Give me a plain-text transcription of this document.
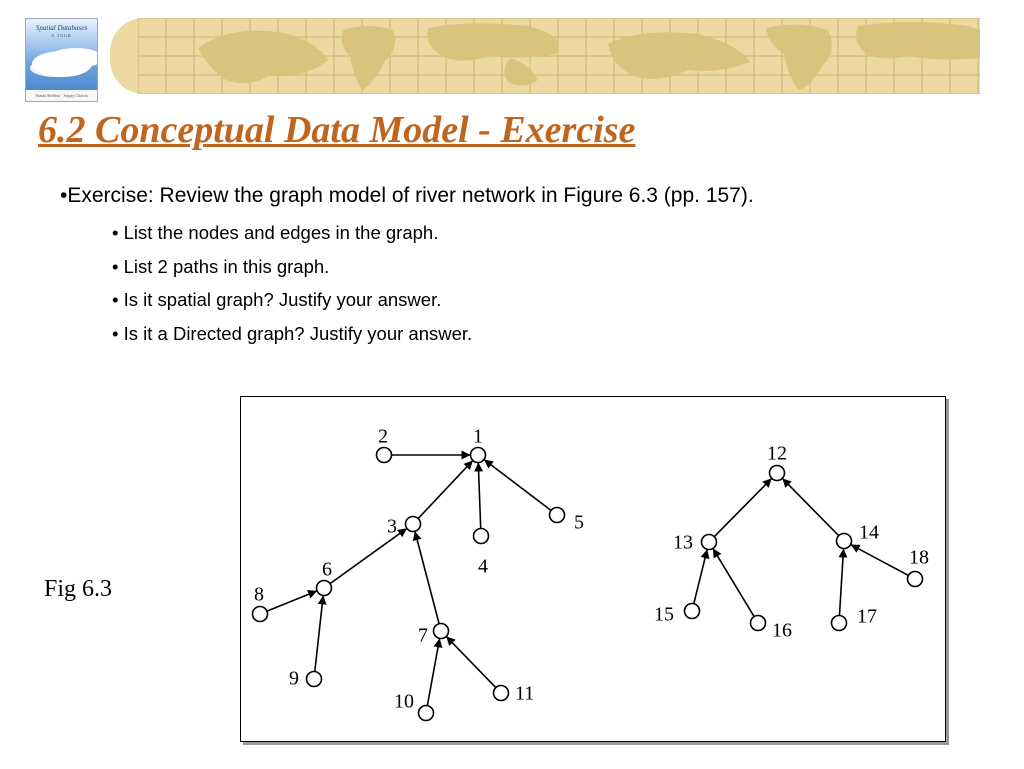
Spatial Databases
A TOUR
Shashi Shekhar · Sanjay Chawla
6.2 Conceptual Data Model - Exercise
•Exercise: Review the graph model of river network in Figure 6.3 (pp. 157).
• List the nodes and edges in the graph.
• List 2 paths in this graph.
• Is it spatial graph? Justify your answer.
• Is it a Directed graph? Justify your answer.
Fig 6.3
1
2
3
4
5
6
7
8
9
10	11
12
13	14
15
16
17
18
